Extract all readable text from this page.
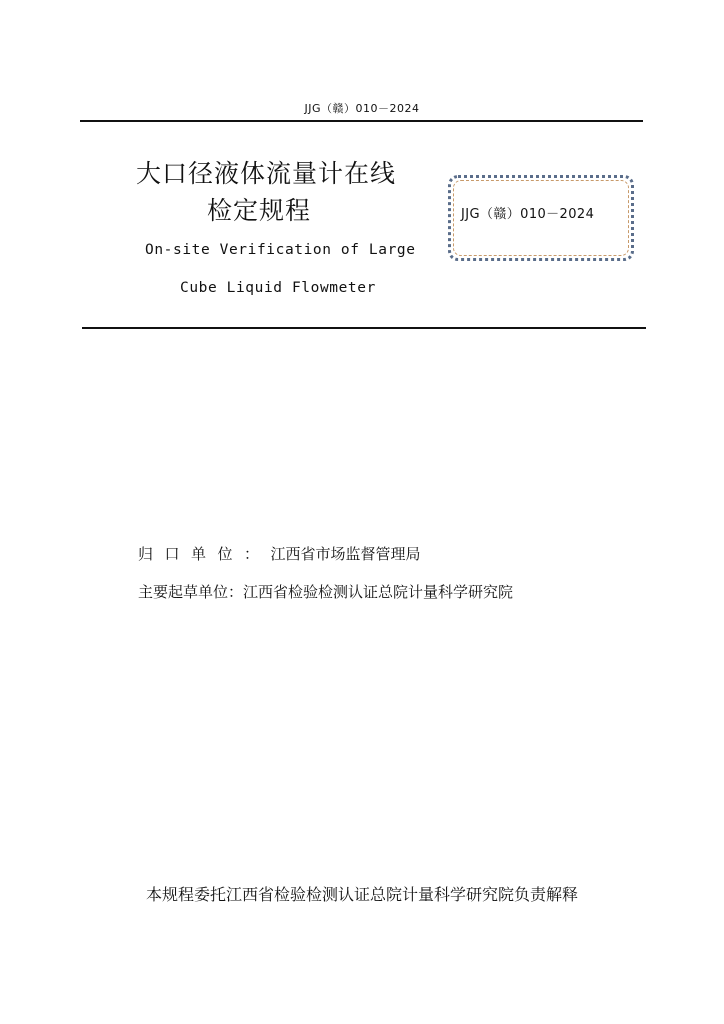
JJG（赣）010－2024
大口径液体流量计在线
检定规程
On-site Verification of Large
Cube Liquid Flowmeter
JJG（赣）010－2024
归口单位：江西省市场监督管理局
主要起草单位：江西省检验检测认证总院计量科学研究院
本规程委托江西省检验检测认证总院计量科学研究院负责解释
